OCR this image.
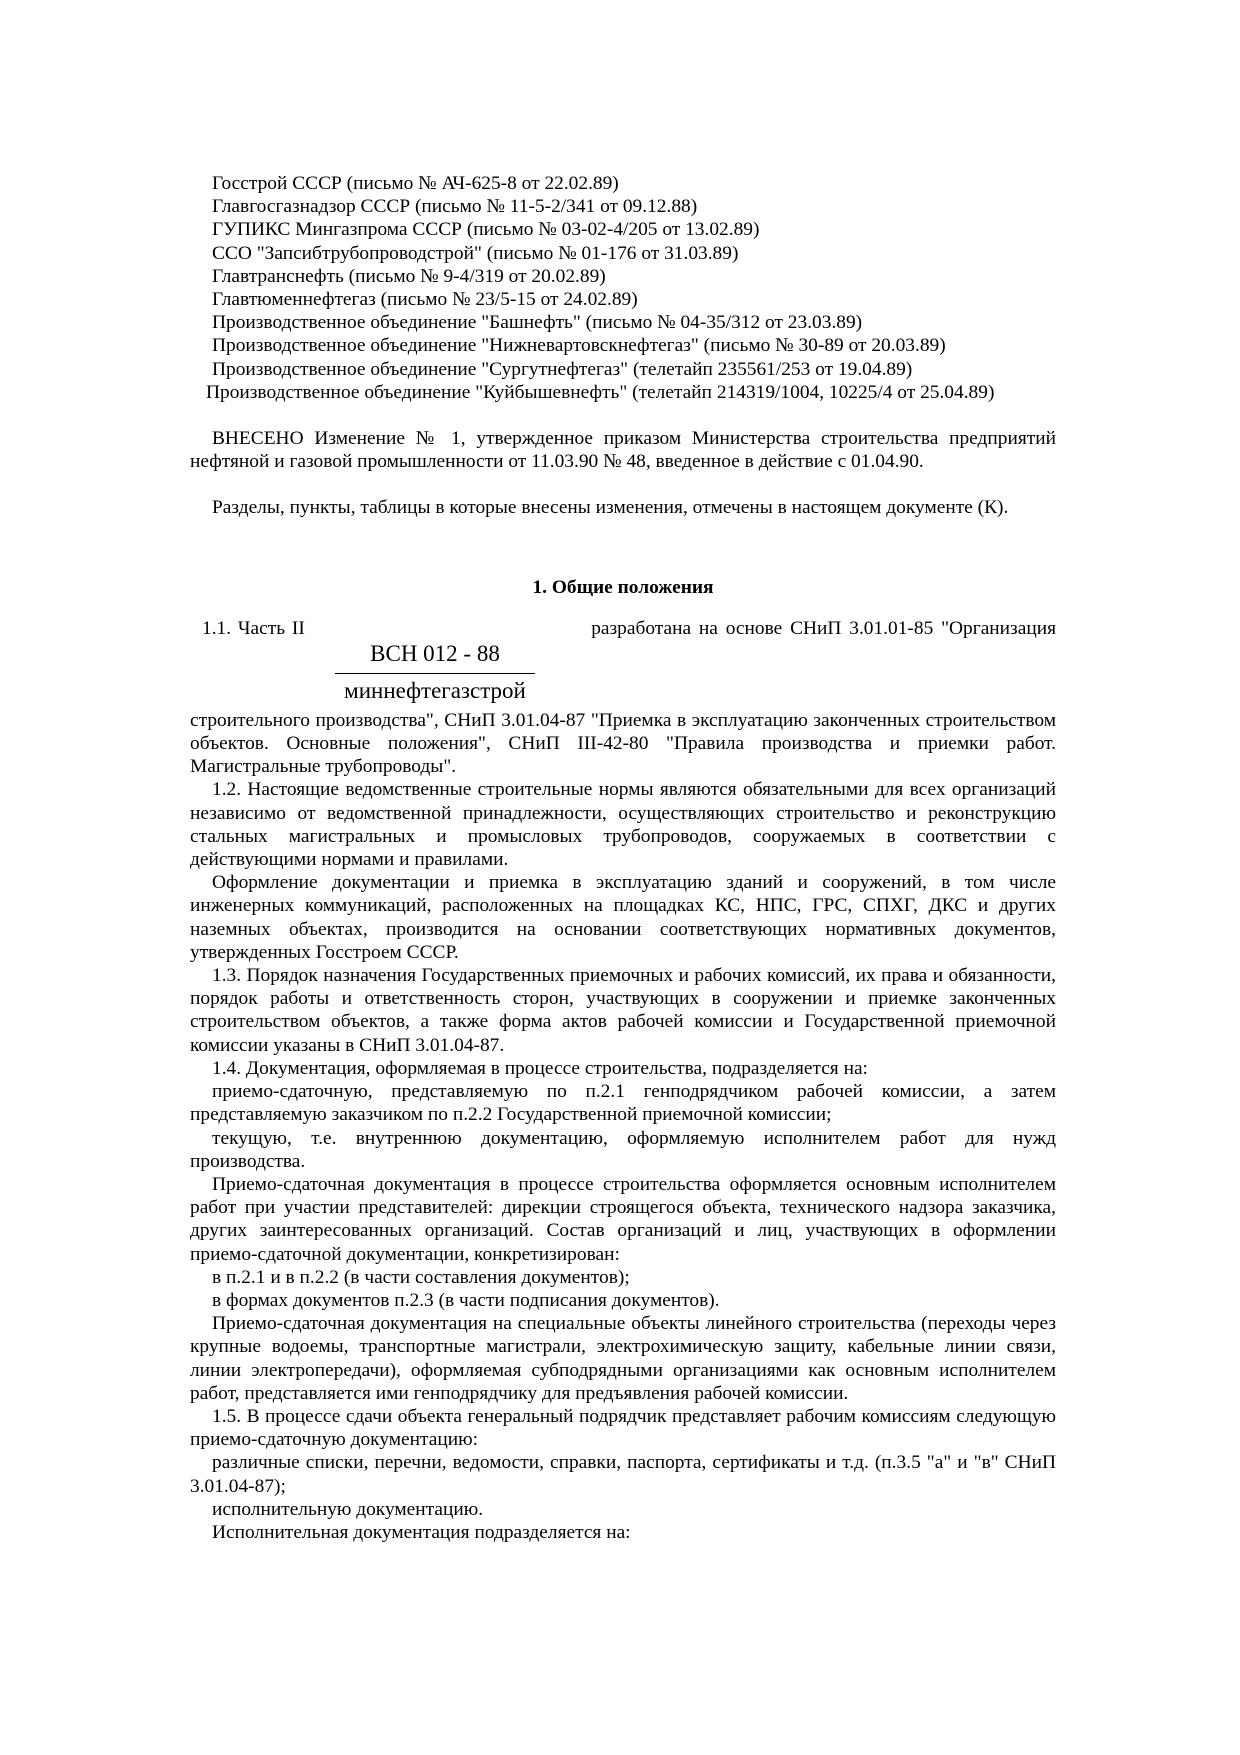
Госстрой СССР (письмо № АЧ-625-8 от 22.02.89)

Главгосгазнадзор СССР (письмо № 11-5-2/341 от 09.12.88)

ГУПИКС Мингазпрома СССР (письмо № 03-02-4/205 от 13.02.89)

ССО "Запсибтрубопроводстрой" (письмо № 01-176 от 31.03.89)

Главтранснефть (письмо № 9-4/319 от 20.02.89)

Главтюменнефтегаз (письмо № 23/5-15 от 24.02.89)

Производственное объединение "Башнефть" (письмо № 04-35/312 от 23.03.89)

Производственное объединение "Нижневартовскнефтегаз" (письмо № 30-89 от 20.03.89)

Производственное объединение "Сургутнефтегаз" (телетайп 235561/253 от 19.04.89)

Производственное объединение "Куйбышевнефть" (телетайп 214319/1004, 10225/4 от 25.04.89)

ВНЕСЕНО Изменение № 1, утвержденное приказом Министерства строительства предприятий нефтяной и газовой промышленности от 11.03.90 № 48, введенное в действие с 01.04.90.

Разделы, пункты, таблицы в которые внесены изменения, отмечены в настоящем документе (К).

1. Общие положения

1.1. Часть II
ВСН 012 - 88
миннефтегазстрой
разработана на основе СНиП 3.01.01-85 "Организация

строительного производства", СНиП 3.01.04-87 "Приемка в эксплуатацию законченных строительством объектов. Основные положения", СНиП III-42-80 "Правила производства и приемки работ. Магистральные трубопроводы".

1.2. Настоящие ведомственные строительные нормы являются обязательными для всех организаций независимо от ведомственной принадлежности, осуществляющих строительство и реконструкцию стальных магистральных и промысловых трубопроводов, сооружаемых в соответствии с действующими нормами и правилами.

Оформление документации и приемка в эксплуатацию зданий и сооружений, в том числе инженерных коммуникаций, расположенных на площадках КС, НПС, ГРС, СПХГ, ДКС и других наземных объектах, производится на основании соответствующих нормативных документов, утвержденных Госстроем СССР.

1.3. Порядок назначения Государственных приемочных и рабочих комиссий, их права и обязанности, порядок работы и ответственность сторон, участвующих в сооружении и приемке законченных строительством объектов, а также форма актов рабочей комиссии и Государственной приемочной комиссии указаны в СНиП 3.01.04-87.

1.4. Документация, оформляемая в процессе строительства, подразделяется на:

приемо-сдаточную, представляемую по п.2.1 генподрядчиком рабочей комиссии, а затем представляемую заказчиком по п.2.2 Государственной приемочной комиссии;

текущую, т.е. внутреннюю документацию, оформляемую исполнителем работ для нужд производства.

Приемо-сдаточная документация в процессе строительства оформляется основным исполнителем работ при участии представителей: дирекции строящегося объекта, технического надзора заказчика, других заинтересованных организаций. Состав организаций и лиц, участвующих в оформлении приемо-сдаточной документации, конкретизирован:

в п.2.1 и в п.2.2 (в части составления документов);

в формах документов п.2.3 (в части подписания документов).

Приемо-сдаточная документация на специальные объекты линейного строительства (переходы через крупные водоемы, транспортные магистрали, электрохимическую защиту, кабельные линии связи, линии электропередачи), оформляемая субподрядными организациями как основным исполнителем работ, представляется ими генподрядчику для предъявления рабочей комиссии.

1.5. В процессе сдачи объекта генеральный подрядчик представляет рабочим комиссиям следующую приемо-сдаточную документацию:

различные списки, перечни, ведомости, справки, паспорта, сертификаты и т.д. (п.3.5 "а" и "в" СНиП 3.01.04-87);

исполнительную документацию.

Исполнительная документация подразделяется на:
